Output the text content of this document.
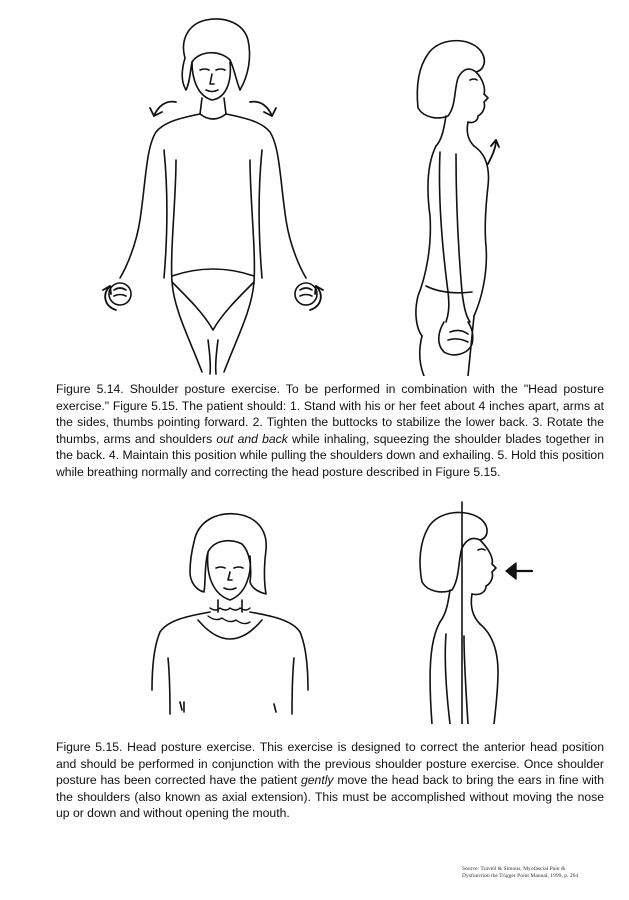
Figure 5.14. Shoulder posture exercise. To be performed in combination with the "Head posture exercise." Figure 5.15. The patient should: 1. Stand with his or her feet about 4 inches apart, arms at the sides, thumbs pointing forward. 2. Tighten the buttocks to stabilize the lower back. 3. Rotate the thumbs, arms and shoulders out and back while inhaling, squeezing the shoulder blades together in the back. 4. Maintain this position while pulling the shoulders down and exhailing. 5. Hold this position while breathing normally and correcting the head posture described in Figure 5.15.
Figure 5.15. Head posture exercise. This exercise is designed to correct the anterior head position and should be performed in conjunction with the previous shoulder posture exercise. Once shoulder posture has been corrected have the patient gently move the head back to bring the ears in fine with the shoulders (also known as axial extension). This must be accomplished without moving the nose up or down and without opening the mouth.
Source: Travell & Simons, Myofascial Pain &
Dysfunction the Trigger Point Manual, 1999, p. 264
